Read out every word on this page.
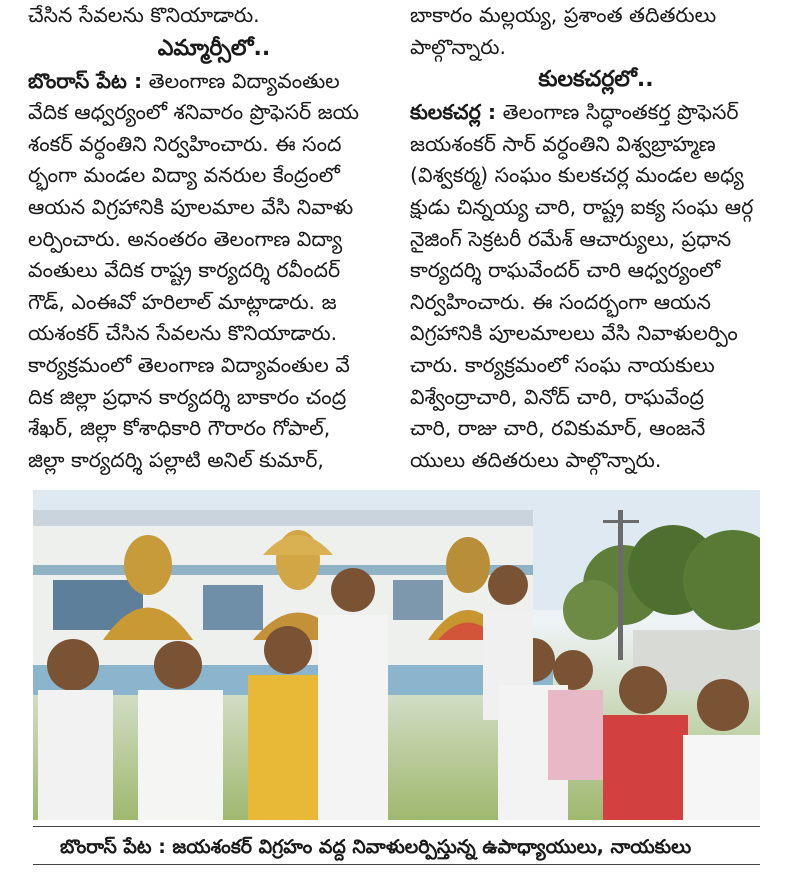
చేసిన సేవలను కొనియాడారు.
ఎమ్మార్సీలో..
బొంరాస్‌ పేట : తెలంగాణ విద్యావంతుల
వేదిక ఆధ్వర్యంలో శనివారం ప్రొఫెసర్ జయ
శంకర్ వర్ధంతిని నిర్వహించారు. ఈ సంద
ర్భంగా మండల విద్యా వనరుల కేంద్రంలో
ఆయన విగ్రహానికి పూలమాల వేసి నివాళు
లర్పించారు. అనంతరం తెలంగాణ విద్యా
వంతులు వేదిక రాష్ట్ర కార్యదర్శి రవీందర్
గౌడ్, ఎంఈవో హరిలాల్ మాట్లాడారు. జ
యశంకర్ చేసిన సేవలను కొనియాడారు.
కార్యక్రమంలో తెలంగాణ విద్యావంతుల వే
దిక జిల్లా ప్రధాన కార్యదర్శి బాకారం చంద్ర
శేఖర్, జిల్లా కోశాధికారి గౌరారం గోపాల్,
జిల్లా కార్యదర్శి పల్లాటి అనిల్ కుమార్,
బాకారం మల్లయ్య, ప్రశాంత తదితరులు
పాల్గొన్నారు.
కులకచర్లలో..
కులకచర్ల : తెలంగాణ సిద్ధాంతకర్త ప్రొఫెసర్
జయశంకర్ సార్ వర్ధంతిని విశ్వబ్రాహ్మణ
(విశ్వకర్మ) సంఘం కులకచర్ల మండల అధ్య
క్షుడు చిన్నయ్య చారి, రాష్ట్ర ఐక్య సంఘ ఆర్గ
నైజింగ్ సెక్రటరీ రమేశ్ ఆచార్యులు, ప్రధాన
కార్యదర్శి రాఘవేందర్ చారి ఆధ్వర్యంలో
నిర్వహించారు. ఈ సందర్భంగా ఆయన
విగ్రహానికి పూలమాలలు వేసి నివాళులర్పిం
చారు. కార్యక్రమంలో సంఘ నాయకులు
విశ్వేంద్రాచారి, వినోద్ చారి, రాఘవేంద్ర
చారి, రాజు చారి, రవికుమార్, ఆంజనే
యులు తదితరులు పాల్గొన్నారు.
బొంరాస్‌ పేట : జయశంకర్ విగ్రహం వద్ద నివాళులర్పిస్తున్న ఉపాధ్యాయులు, నాయకులు
